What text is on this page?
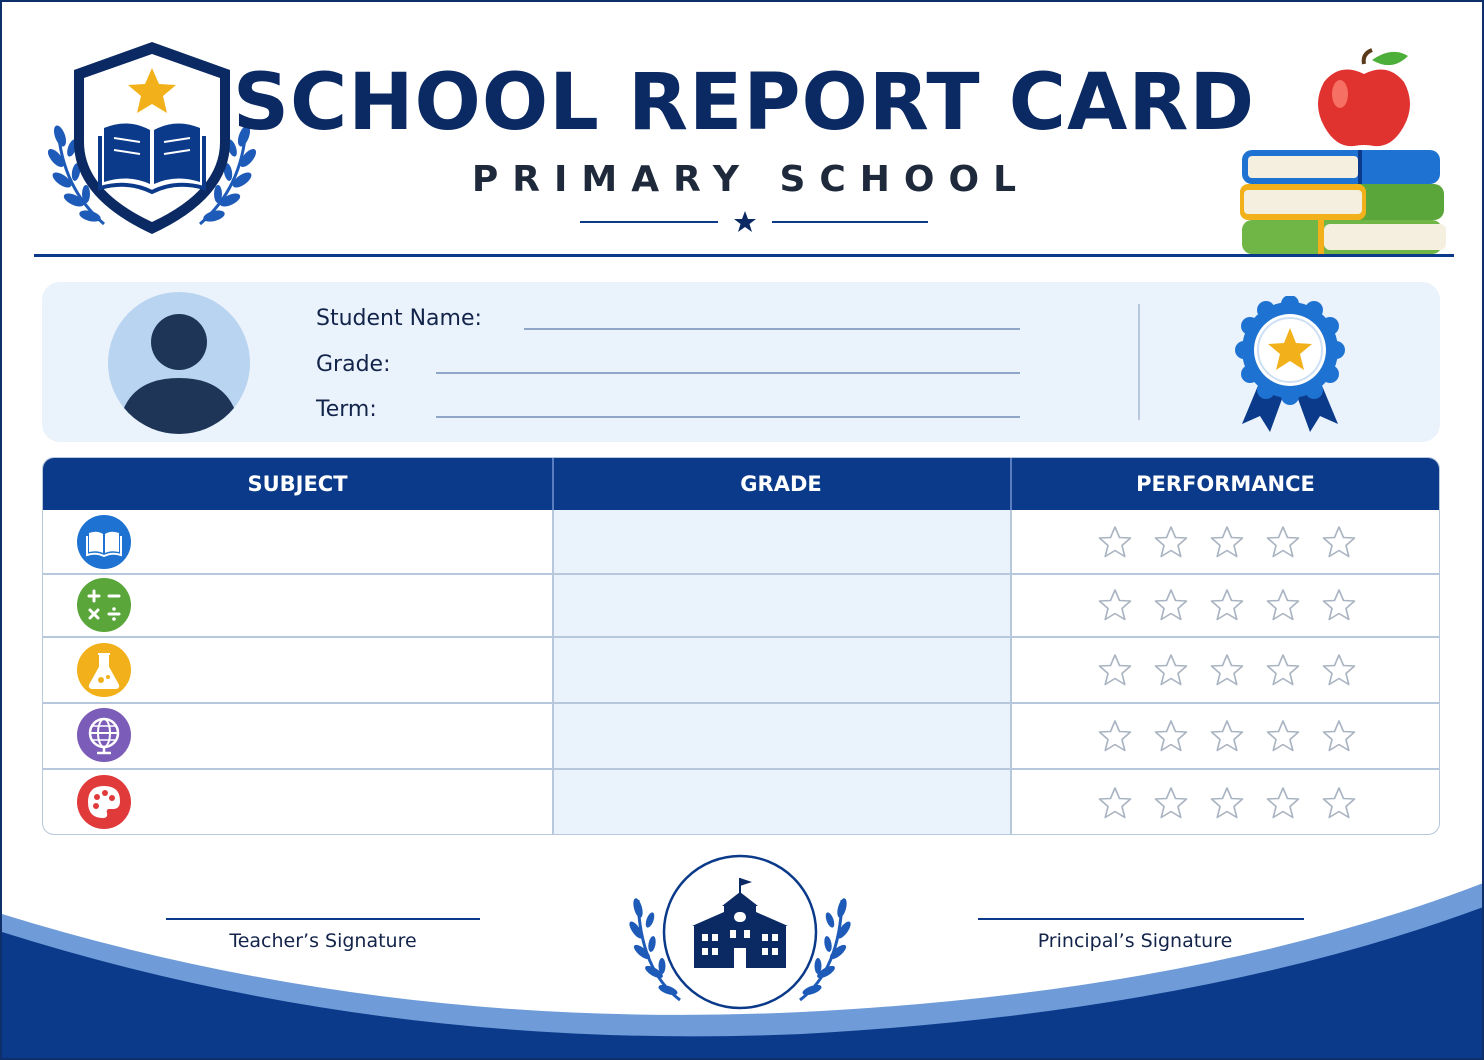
SCHOOL REPORT CARD
PRIMARY SCHOOL
Student Name:
Grade:
Term:
SUBJECT	GRADE	PERFORMANCE
Teacher’s Signature	Principal’s Signature
